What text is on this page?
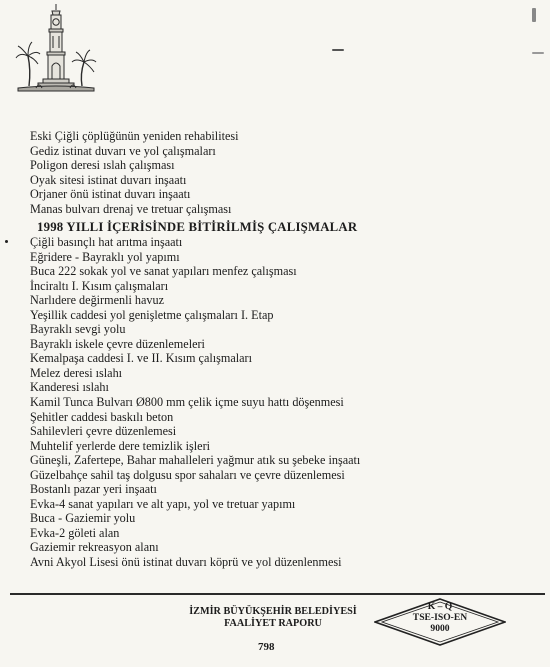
Eski Çiğli çöplüğünün yeniden rehabilitesi
Gediz istinat duvarı ve yol çalışmaları
Poligon deresi ıslah çalışması
Oyak sitesi istinat duvarı inşaatı
Orjaner önü istinat duvarı inşaatı
Manas bulvarı drenaj ve tretuar çalışması
1998 YILLI İÇERİSİNDE BİTİRİLMİŞ ÇALIŞMALAR
Çiğli basınçlı hat arıtma inşaatı
Eğridere - Bayraklı yol yapımı
Buca 222 sokak yol ve sanat yapıları menfez çalışması
İnciraltı I. Kısım çalışmaları
Narlıdere değirmenli havuz
Yeşillik caddesi yol genişletme çalışmaları I. Etap
Bayraklı sevgi yolu
Bayraklı iskele çevre düzenlemeleri
Kemalpaşa caddesi I. ve II. Kısım çalışmaları
Melez deresi ıslahı
Kanderesi ıslahı
Kamil Tunca Bulvarı Ø800 mm çelik içme suyu hattı döşenmesi
Şehitler caddesi baskılı beton
Sahilevleri çevre düzenlemesi
Muhtelif yerlerde dere temizlik işleri
Güneşli, Zafertepe, Bahar mahalleleri yağmur atık su şebeke inşaatı
Güzelbahçe sahil taş dolgusu spor sahaları ve çevre düzenlemesi
Bostanlı pazar yeri inşaatı
Evka-4 sanat yapıları ve alt yapı, yol ve tretuar yapımı
Buca - Gaziemir yolu
Evka-2 göleti alan
Gaziemir rekreasyon alanı
Avni Akyol Lisesi önü istinat duvarı köprü ve yol düzenlenmesi
İZMİR BÜYÜKŞEHİR BELEDİYESİ
FAALİYET RAPORU
798
K – Q
TSE-ISO-EN
9000
